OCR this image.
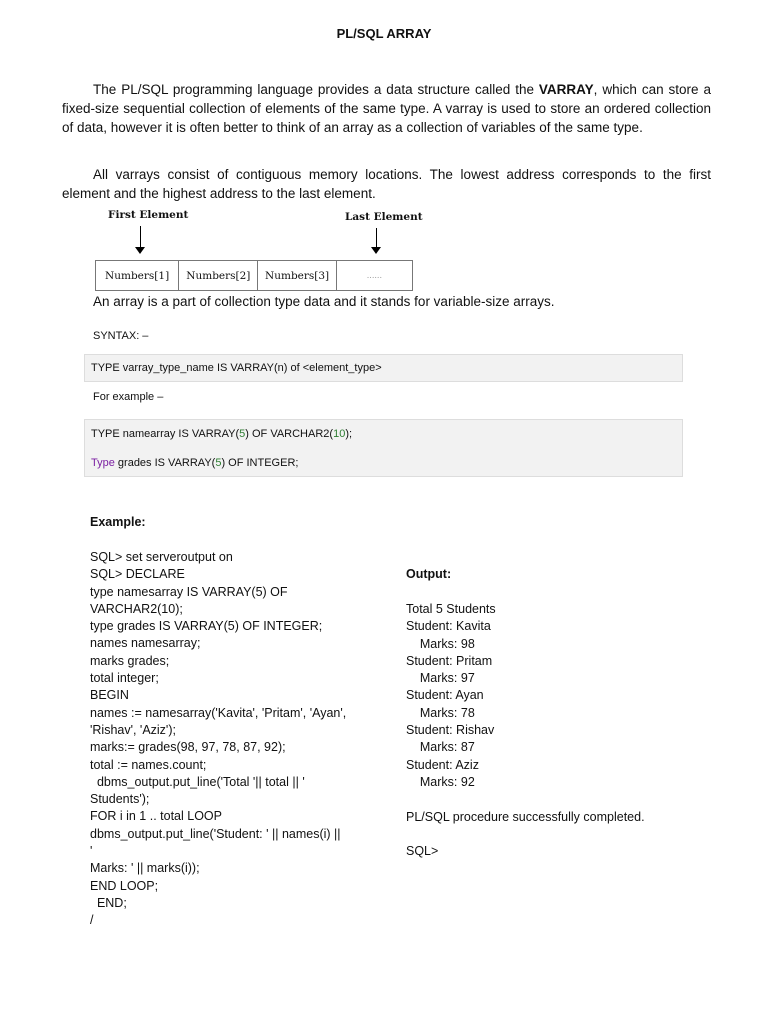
PL/SQL ARRAY
The PL/SQL programming language provides a data structure called the VARRAY, which can store a fixed-size sequential collection of elements of the same type. A varray is used to store an ordered collection of data, however it is often better to think of an array as a collection of variables of the same type.
All varrays consist of contiguous memory locations. The lowest address corresponds to the first element and the highest address to the last element.
First Element	Last Element
Numbers[1]	Numbers[2]	Numbers[3]	......
An array is a part of collection type data and it stands for variable-size arrays.
SYNTAX: –
TYPE varray_type_name IS VARRAY(n) of <element_type>
For example –
TYPE namearray IS VARRAY(5) OF VARCHAR2(10);
Type grades IS VARRAY(5) OF INTEGER;
Example:
SQL> set serveroutput on
SQL> DECLARE
type namesarray IS VARRAY(5) OF
VARCHAR2(10);
type grades IS VARRAY(5) OF INTEGER;
names namesarray;
marks grades;
total integer;
BEGIN
names := namesarray('Kavita', 'Pritam', 'Ayan',
'Rishav', 'Aziz');
marks:= grades(98, 97, 78, 87, 92);
total := names.count;
dbms_output.put_line('Total '|| total || '
Students');
FOR i in 1 .. total LOOP
dbms_output.put_line('Student: ' || names(i) ||
'
Marks: ' || marks(i));
END LOOP;
END;
/
Output:
Total 5 Students
Student: Kavita
Marks: 98
Student: Pritam
Marks: 97
Student: Ayan
Marks: 78
Student: Rishav
Marks: 87
Student: Aziz
Marks: 92

PL/SQL procedure successfully completed.

SQL>
